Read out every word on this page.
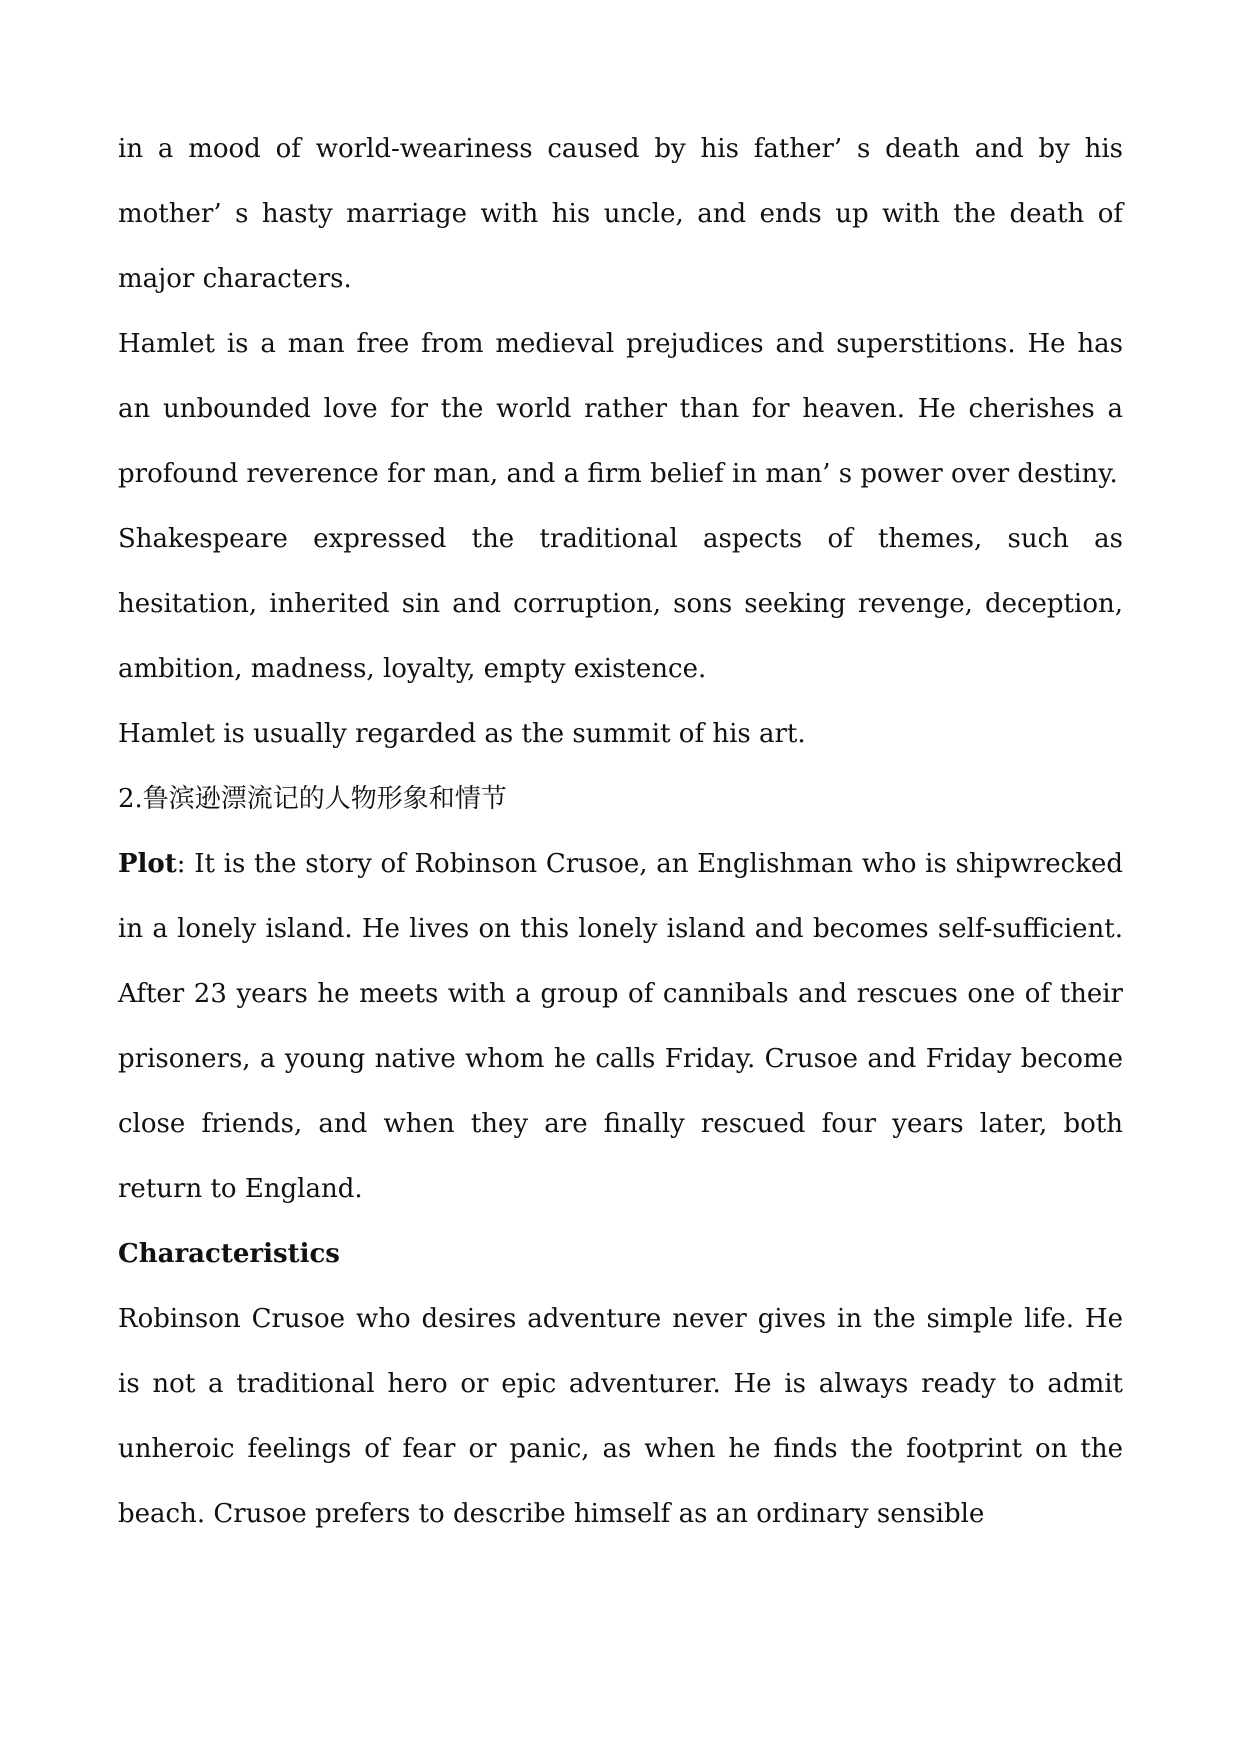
in a mood of world-weariness caused by his father’ s death and by his mother’ s hasty marriage with his uncle, and ends up with the death of major characters.

Hamlet is a man free from medieval prejudices and superstitions. He has an unbounded love for the world rather than for heaven. He cherishes a profound reverence for man, and a firm belief in man’ s power over destiny.

Shakespeare expressed the traditional aspects of themes, such as hesitation, inherited sin and corruption, sons seeking revenge, deception, ambition, madness, loyalty, empty existence.

Hamlet is usually regarded as the summit of his art.

2.鲁滨逊漂流记的人物形象和情节

Plot: It is the story of Robinson Crusoe, an Englishman who is shipwrecked in a lonely island. He lives on this lonely island and becomes self-sufficient. After 23 years he meets with a group of cannibals and rescues one of their prisoners, a young native whom he calls Friday. Crusoe and Friday become close friends, and when they are finally rescued four years later, both return to England.

Characteristics

Robinson Crusoe who desires adventure never gives in the simple life. He is not a traditional hero or epic adventurer. He is always ready to admit unheroic feelings of fear or panic, as when he finds the footprint on the beach. Crusoe prefers to describe himself as an ordinary sensible
